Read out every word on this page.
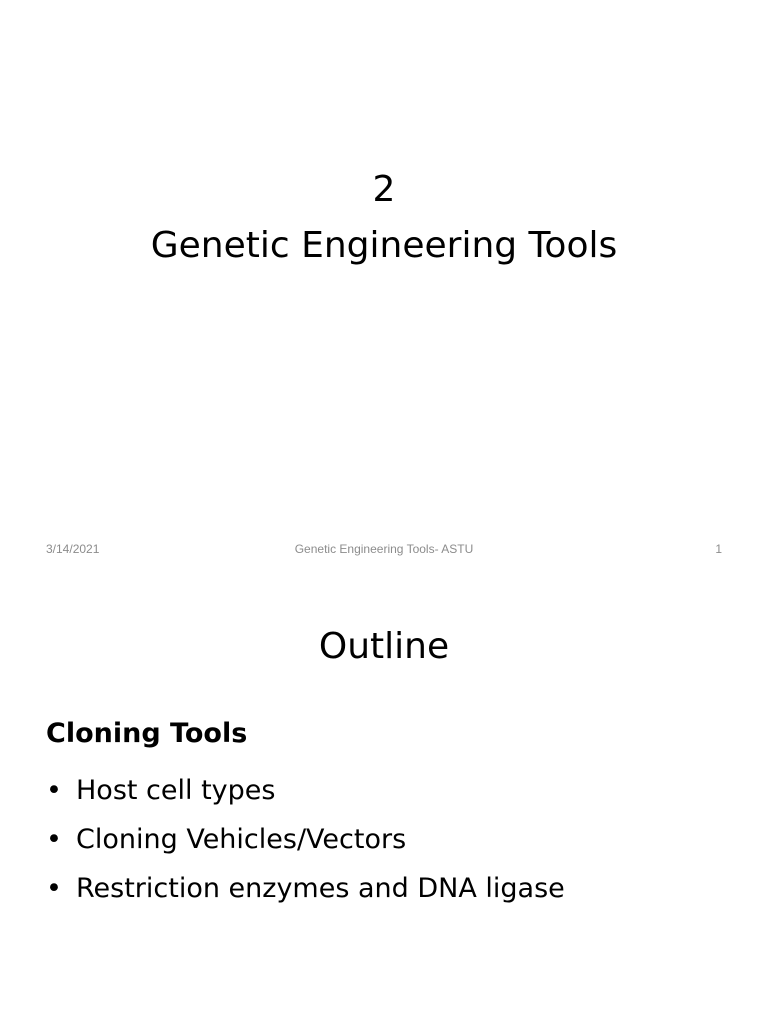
2
Genetic Engineering Tools
3/14/2021	Genetic Engineering Tools- ASTU	1
Outline
Cloning Tools
• Host cell types
• Cloning Vehicles/Vectors
• Restriction enzymes and DNA ligase
